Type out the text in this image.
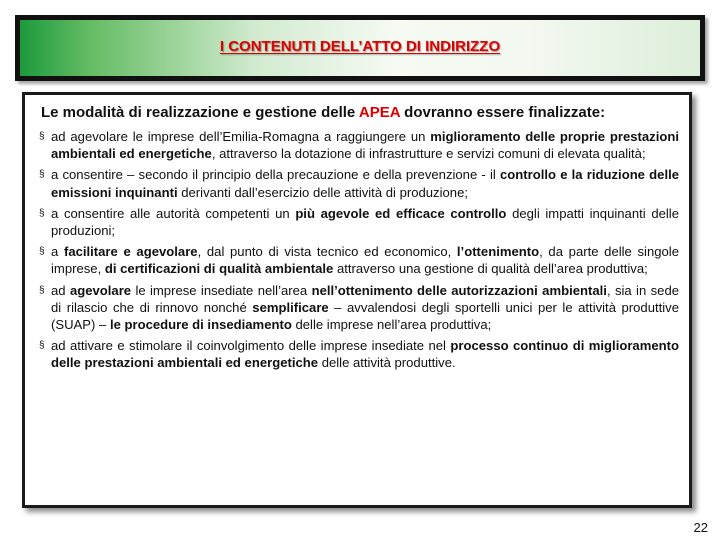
I CONTENUTI DELL’ATTO DI INDIRIZZO

Le modalità di realizzazione e gestione delle APEA dovranno essere finalizzate:

§ ad agevolare le imprese dell’Emilia-Romagna a raggiungere un miglioramento delle proprie prestazioni ambientali ed energetiche, attraverso la dotazione di infrastrutture e servizi comuni di elevata qualità;
§ a consentire – secondo il principio della precauzione e della prevenzione - il controllo e la riduzione delle emissioni inquinanti derivanti dall’esercizio delle attività di produzione;
§ a consentire alle autorità competenti un più agevole ed efficace controllo degli impatti inquinanti delle produzioni;
§ a facilitare e agevolare, dal punto di vista tecnico ed economico, l’ottenimento, da parte delle singole imprese, di certificazioni di qualità ambientale attraverso una gestione di qualità dell’area produttiva;
§ ad agevolare le imprese insediate nell’area nell’ottenimento delle autorizzazioni ambientali, sia in sede di rilascio che di rinnovo nonché semplificare – avvalendosi degli sportelli unici per le attività produttive (SUAP) – le procedure di insediamento delle imprese nell’area produttiva;
§ ad attivare e stimolare il coinvolgimento delle imprese insediate nel processo continuo di miglioramento delle prestazioni ambientali ed energetiche delle attività produttive.
22
